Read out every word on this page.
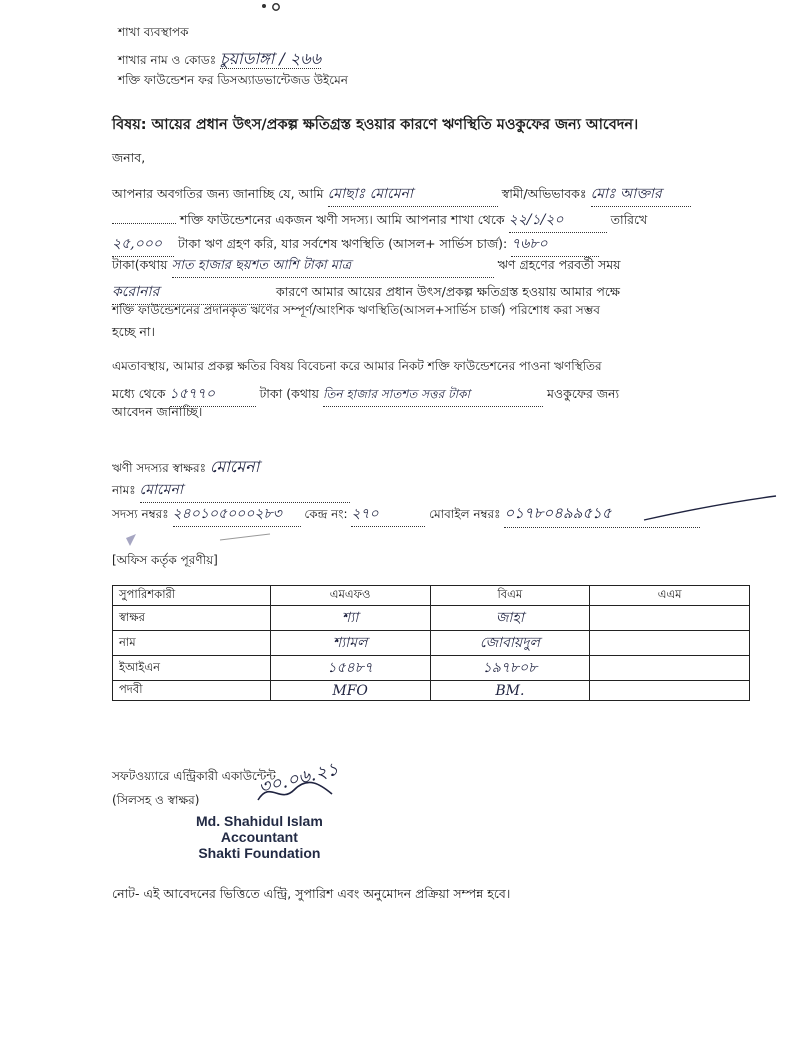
শাখা ব্যবস্থাপক
শাখার নাম ও কোডঃ চুয়াডাঙ্গা / ২৬৬
শক্তি ফাউন্ডেশন ফর ডিসঅ্যাডভান্টেজড উইমেন
বিষয়: আয়ের প্রধান উৎস/প্রকল্প ক্ষতিগ্রস্ত হওয়ার কারণে ঋণস্থিতি মওকুফের জন্য আবেদন।
জনাব,
আপনার অবগতির জন্য জানাচ্ছি যে, আমি মোছাঃ মোমেনা	স্বামী/অভিভাবকঃ মোঃ আক্তার
শক্তি ফাউন্ডেশনের একজন ঋণী সদস্য। আমি আপনার শাখা থেকে ২২/১/২০	তারিখে
২৫,০০০ টাকা ঋণ গ্রহণ করি, যার সর্বশেষ ঋণস্থিতি (আসল+ সার্ভিস চার্জ): ৭৬৮০
টাকা(কথায় সাত হাজার ছয়শত আশি টাকা মাত্র	ঋণ গ্রহণের পরবর্তী সময়
করোনার	কারণে আমার আয়ের প্রধান উৎস/প্রকল্প ক্ষতিগ্রস্ত হওয়ায় আমার পক্ষে
শক্তি ফাউন্ডেশনের প্রদানকৃত ঋণের সম্পূর্ণ/আংশিক ঋণস্থিতি(আসল+সার্ভিস চার্জ) পরিশোধ করা সম্ভব
হচ্ছে না।
এমতাবস্থায়, আমার প্রকল্প ক্ষতির বিষয় বিবেচনা করে আমার নিকট শক্তি ফাউন্ডেশনের পাওনা ঋণস্থিতির
মধ্যে থেকে ১৫৭৭০	টাকা (কথায় তিন হাজার সাতশত সত্তর টাকা	মওকুফের জন্য
আবেদন জানাচ্ছি।
ঋণী সদস্যর স্বাক্ষরঃ মোমেনা
নামঃ মোমেনা
সদস্য নম্বরঃ ২৪০১০৫০০০২৮৩ কেন্দ্র নং: ২৭০	মোবাইল নম্বরঃ ০১৭৮০৪৯৯৫১৫
[অফিস কর্তৃক পূরণীয়]
সুপারিশকারী	এমএফও	বিএম	এএম
স্বাক্ষর	শ্যা	জাহা	
নাম	শ্যামল	জোবায়দুল	
ইআইএন	১৫৪৮৭	১৯৭৮০৮	
পদবী	MFO	BM.	
সফটওয়্যারে এন্ট্রিকারী একাউন্টেন্ট
(সিলসহ ও স্বাক্ষর)
৩০.০৬.২১
Md. Shahidul Islam
Accountant
Shakti Foundation
নোট- এই আবেদনের ভিত্তিতে এন্ট্রি, সুপারিশ এবং অনুমোদন প্রক্রিয়া সম্পন্ন হবে।
